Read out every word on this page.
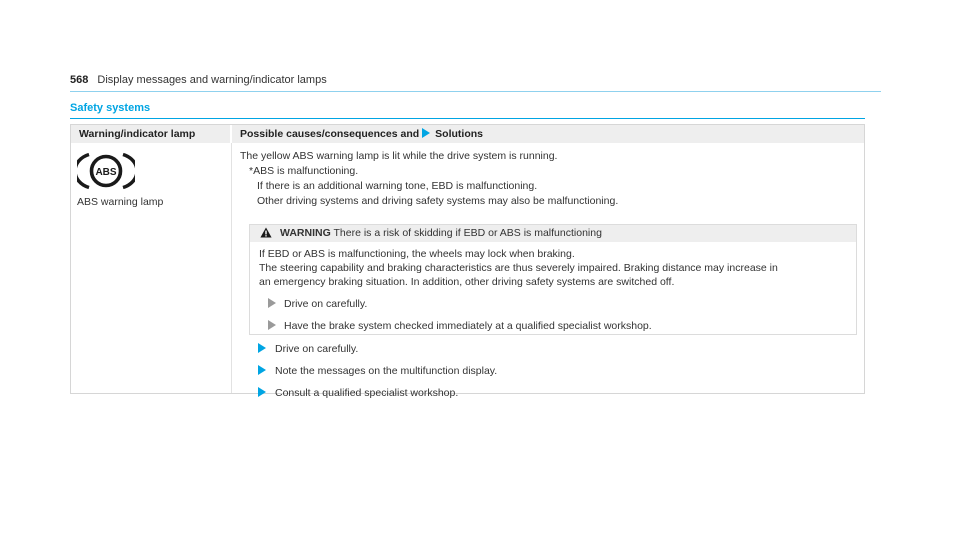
568 Display messages and warning/indicator lamps
Safety systems
Warning/indicator lamp	Possible causes/consequences and Solutions
ABS
ABS warning lamp
The yellow ABS warning lamp is lit while the drive system is running.
*ABS is malfunctioning.
If there is an additional warning tone, EBD is malfunctioning.
Other driving systems and driving safety systems may also be malfunctioning.
WARNING There is a risk of skidding if EBD or ABS is malfunctioning
If EBD or ABS is malfunctioning, the wheels may lock when braking.
The steering capability and braking characteristics are thus severely impaired. Braking distance may increase in
an emergency braking situation. In addition, other driving safety systems are switched off.
Drive on carefully.
Have the brake system checked immediately at a qualified specialist workshop.
Drive on carefully.
Note the messages on the multifunction display.
Consult a qualified specialist workshop.
